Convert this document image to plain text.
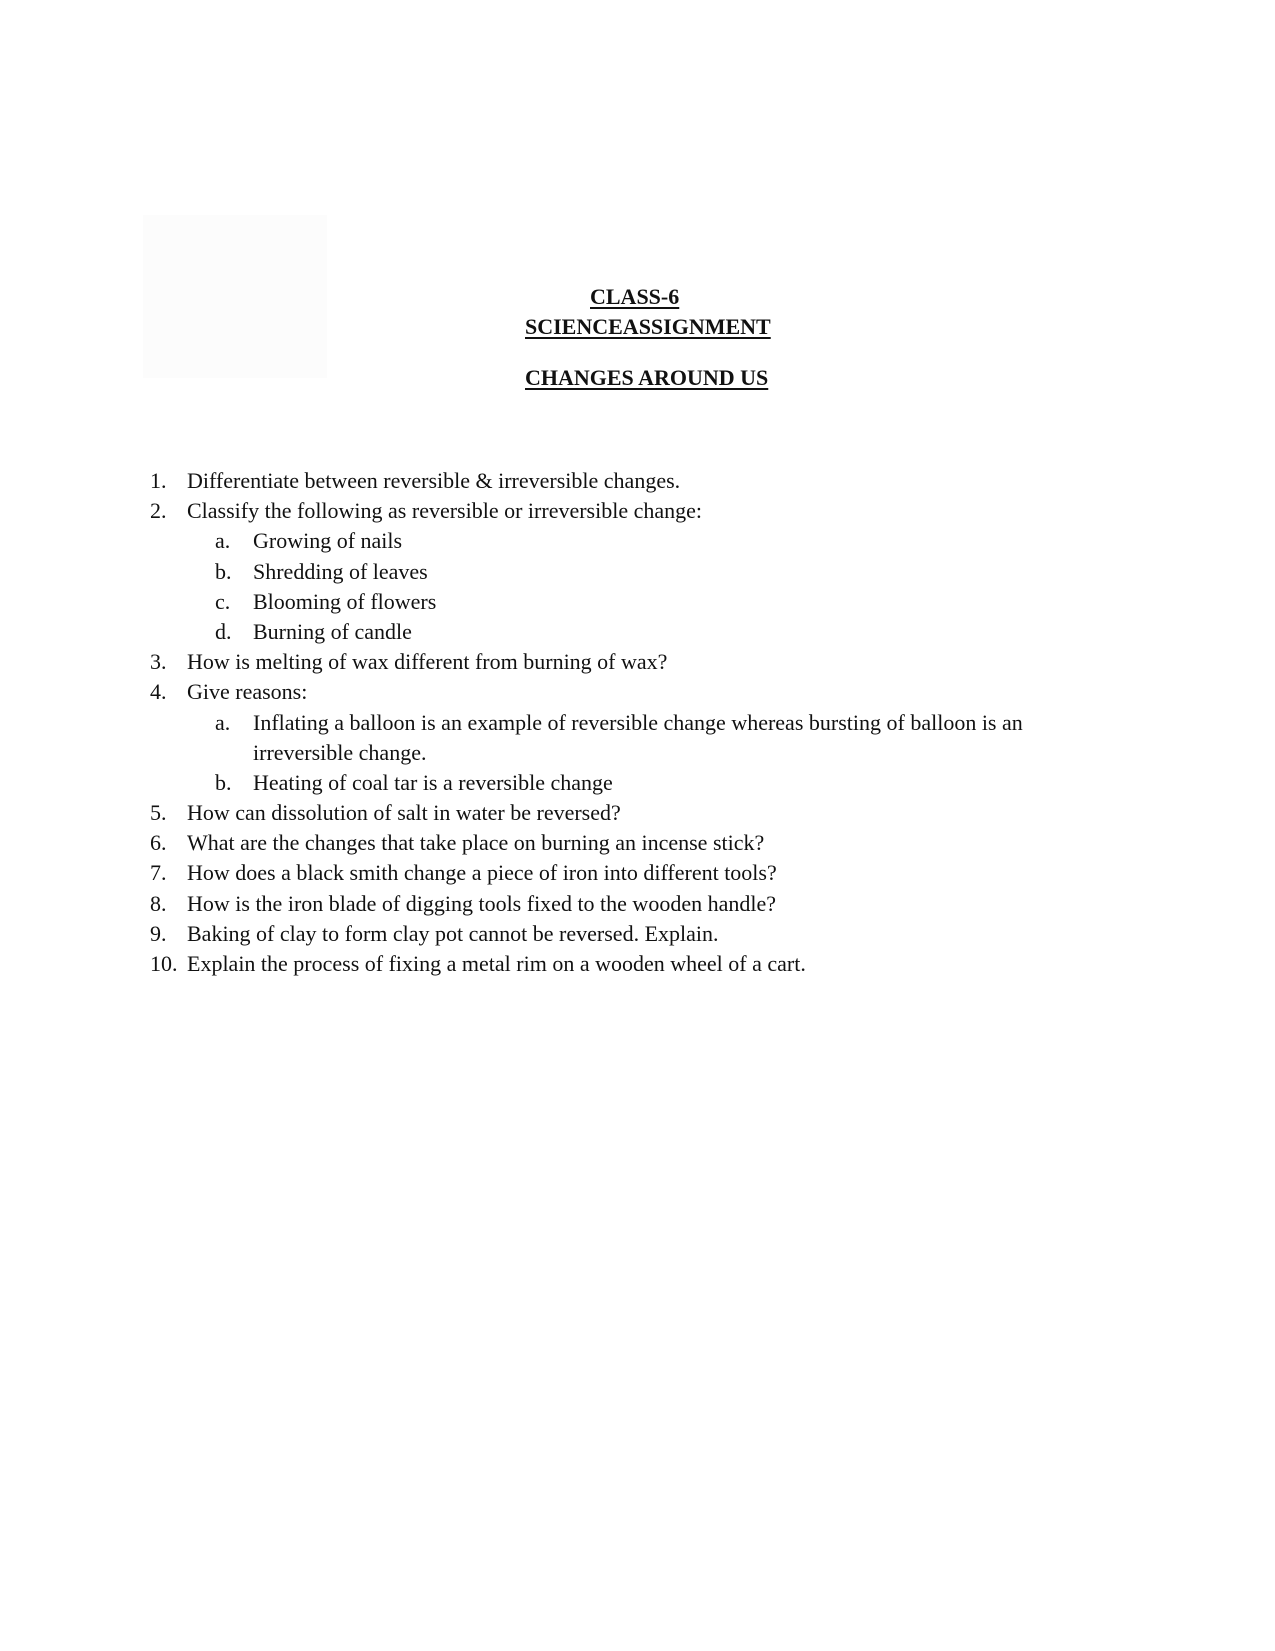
CLASS-6
SCIENCEASSIGNMENT
CHANGES AROUND US
1. Differentiate between reversible & irreversible changes.
2. Classify the following as reversible or irreversible change:
a. Growing of nails
b. Shredding of leaves
c. Blooming of flowers
d. Burning of candle
3. How is melting of wax different from burning of wax?
4. Give reasons:
a. Inflating a balloon is an example of reversible change whereas bursting of balloon is an
irreversible change.
b. Heating of coal tar is a reversible change
5. How can dissolution of salt in water be reversed?
6. What are the changes that take place on burning an incense stick?
7. How does a black smith change a piece of iron into different tools?
8. How is the iron blade of digging tools fixed to the wooden handle?
9. Baking of clay to form clay pot cannot be reversed. Explain.
10. Explain the process of fixing a metal rim on a wooden wheel of a cart.
